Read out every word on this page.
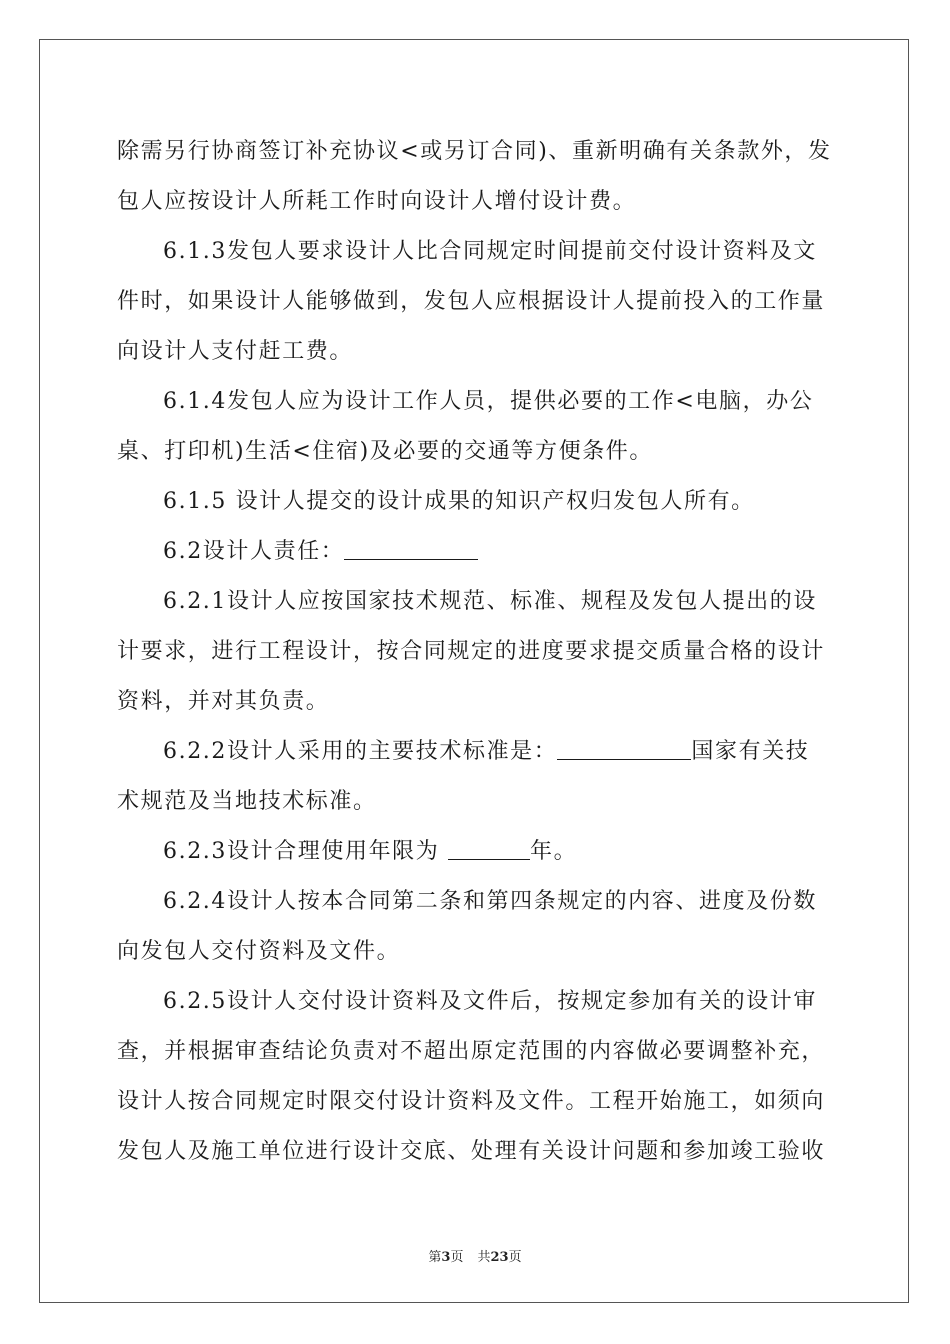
除需另行协商签订补充协议<或另订合同)、重新明确有关条款外，发
包人应按设计人所耗工作时向设计人增付设计费。
6.1.3发包人要求设计人比合同规定时间提前交付设计资料及文
件时，如果设计人能够做到，发包人应根据设计人提前投入的工作量
向设计人支付赶工费。
6.1.4发包人应为设计工作人员，提供必要的工作<电脑，办公
桌、打印机)生活<住宿)及必要的交通等方便条件。
6.1.5 设计人提交的设计成果的知识产权归发包人所有。
6.2设计人责任：
6.2.1设计人应按国家技术规范、标准、规程及发包人提出的设
计要求，进行工程设计，按合同规定的进度要求提交质量合格的设计
资料，并对其负责。
6.2.2设计人采用的主要技术标准是：	国家有关技
术规范及当地技术标准。
6.2.3设计合理使用年限为	年。
6.2.4设计人按本合同第二条和第四条规定的内容、进度及份数
向发包人交付资料及文件。
6.2.5设计人交付设计资料及文件后，按规定参加有关的设计审
查，并根据审查结论负责对不超出原定范围的内容做必要调整补充，
设计人按合同规定时限交付设计资料及文件。工程开始施工，如须向
发包人及施工单位进行设计交底、处理有关设计问题和参加竣工验收
第3页 共23页
